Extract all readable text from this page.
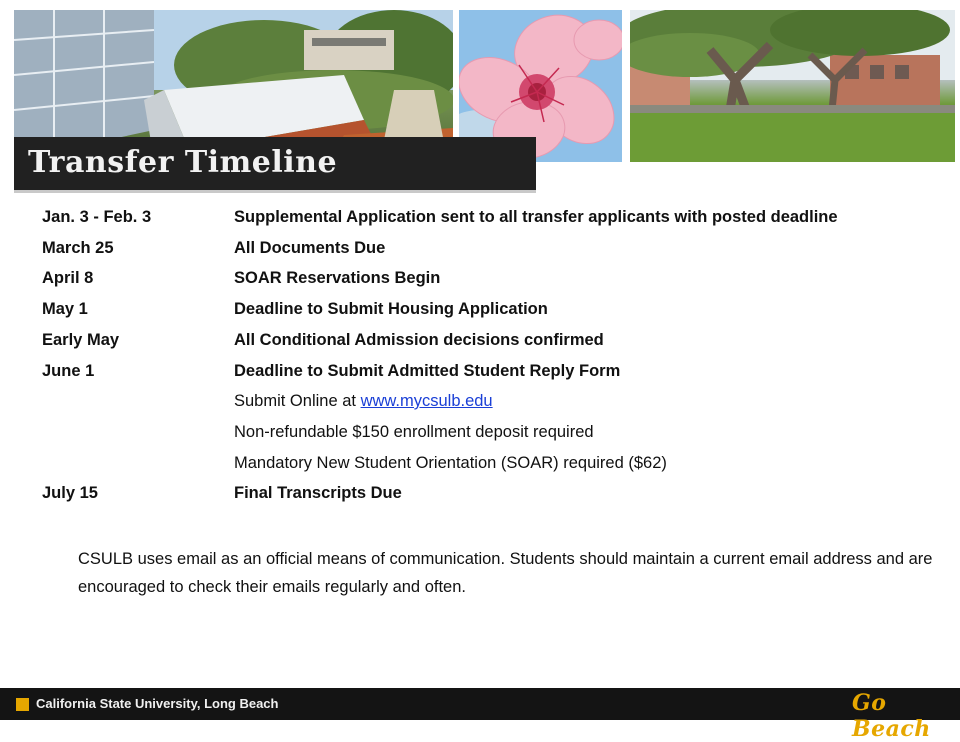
Transfer Timeline
Jan. 3 - Feb. 3	Supplemental Application sent to all transfer applicants with posted deadline
March 25	All Documents Due
April 8	SOAR Reservations Begin
May 1	Deadline to Submit Housing Application
Early May	All Conditional Admission decisions confirmed
June 1	Deadline to Submit Admitted Student Reply Form
Submit Online at www.mycsulb.edu
Non-refundable $150 enrollment deposit required
Mandatory New Student Orientation (SOAR) required ($62)
July 15	Final Transcripts Due
CSULB uses email as an official means of communication. Students should maintain a current email address and are encouraged to check their emails regularly and often.
California State University, Long Beach	Go Beach
